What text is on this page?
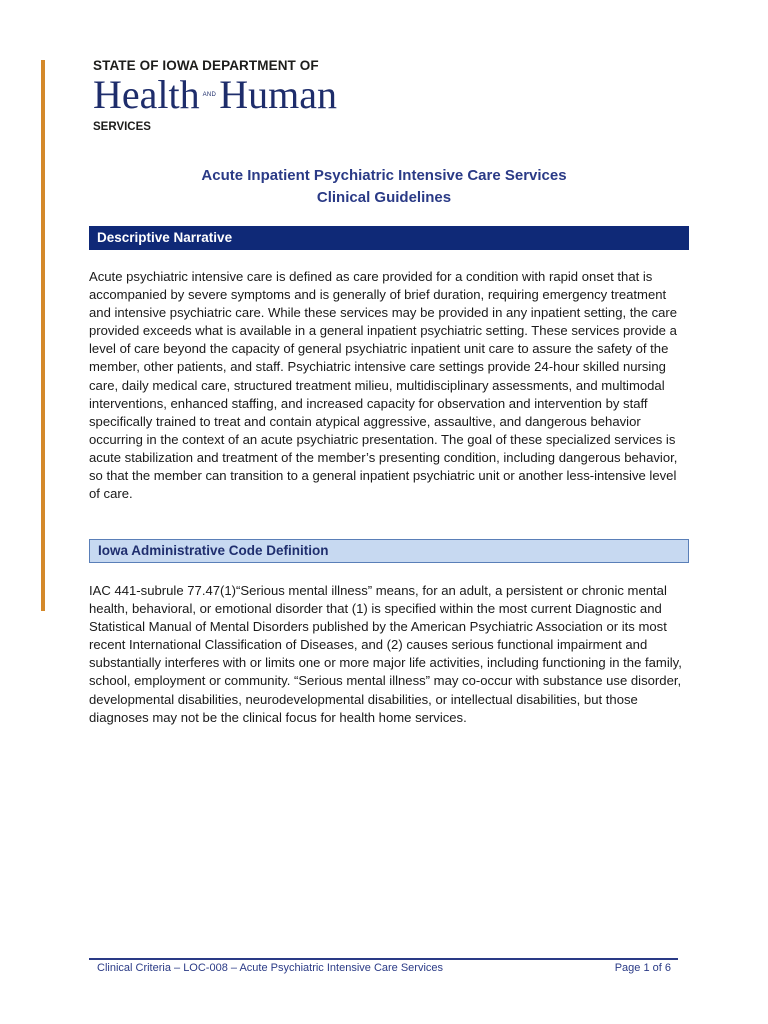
STATE OF IOWA DEPARTMENT OF
Health ANDHuman
SERVICES
Acute Inpatient Psychiatric Intensive Care Services
Clinical Guidelines
Descriptive Narrative

Acute psychiatric intensive care is defined as care provided for a condition with rapid onset that is accompanied by severe symptoms and is generally of brief duration, requiring emergency treatment and intensive psychiatric care. While these services may be provided in any inpatient setting, the care provided exceeds what is available in a general inpatient psychiatric setting. These services provide a level of care beyond the capacity of general psychiatric inpatient unit care to assure the safety of the member, other patients, and staff. Psychiatric intensive care settings provide 24-hour skilled nursing care, daily medical care, structured treatment milieu, multidisciplinary assessments, and multimodal interventions, enhanced staffing, and increased capacity for observation and intervention by staff specifically trained to treat and contain atypical aggressive, assaultive, and dangerous behavior occurring in the context of an acute psychiatric presentation. The goal of these specialized services is acute stabilization and treatment of the member’s presenting condition, including dangerous behavior, so that the member can transition to a general inpatient psychiatric unit or another less-intensive level of care.

Iowa Administrative Code Definition

IAC 441-subrule 77.47(1)“Serious mental illness” means, for an adult, a persistent or chronic mental health, behavioral, or emotional disorder that (1) is specified within the most current Diagnostic and Statistical Manual of Mental Disorders published by the American Psychiatric Association or its most recent International Classification of Diseases, and (2) causes serious functional impairment and substantially interferes with or limits one or more major life activities, including functioning in the family, school, employment or community. “Serious mental illness” may co-occur with substance use disorder, developmental disabilities, neurodevelopmental disabilities, or intellectual disabilities, but those diagnoses may not be the clinical focus for health home services.

Clinical Criteria – LOC-008 – Acute Psychiatric Intensive Care Services	Page 1 of 6
